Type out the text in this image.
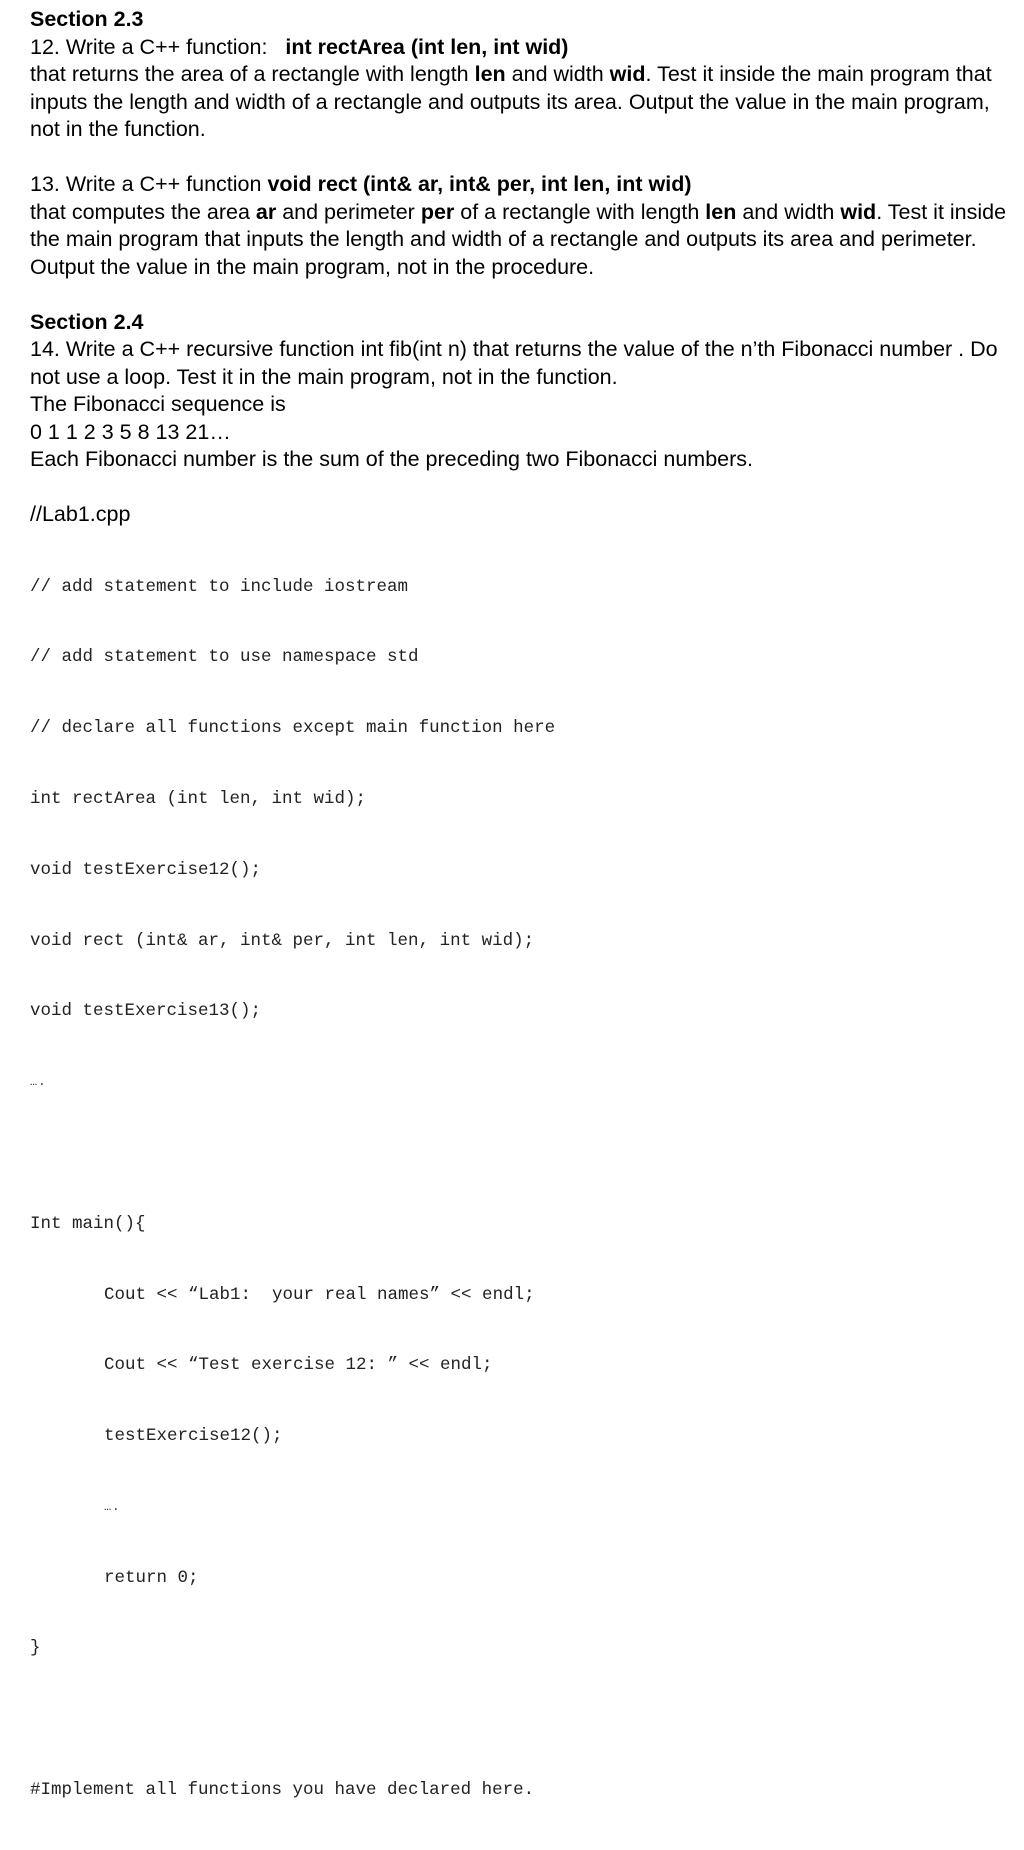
Section 2.3
12. Write a C++ function: int rectArea (int len, int wid)
that returns the area of a rectangle with length len and width wid. Test it inside the main program that inputs the length and width of a rectangle and outputs its area. Output the value in the main program, not in the function.
13. Write a C++ function void rect (int& ar, int& per, int len, int wid)
that computes the area ar and perimeter per of a rectangle with length len and width wid. Test it inside the main program that inputs the length and width of a rectangle and outputs its area and perimeter. Output the value in the main program, not in the procedure.
Section 2.4
14. Write a C++ recursive function int fib(int n) that returns the value of the n’th Fibonacci number . Do not use a loop. Test it in the main program, not in the function.
The Fibonacci sequence is
0 1 1 2 3 5 8 13 21…
Each Fibonacci number is the sum of the preceding two Fibonacci numbers.
//Lab1.cpp

// add statement to include iostream

// add statement to use namespace std

// declare all functions except main function here

int rectArea (int len, int wid);

void testExercise12();

void rect (int& ar, int& per, int len, int wid);

void testExercise13();

….

Int main(){

Cout << “Lab1:  your real names” << endl;

Cout << “Test exercise 12: ” << endl;

testExercise12();

….

return 0;

}

#Implement all functions you have declared here.
